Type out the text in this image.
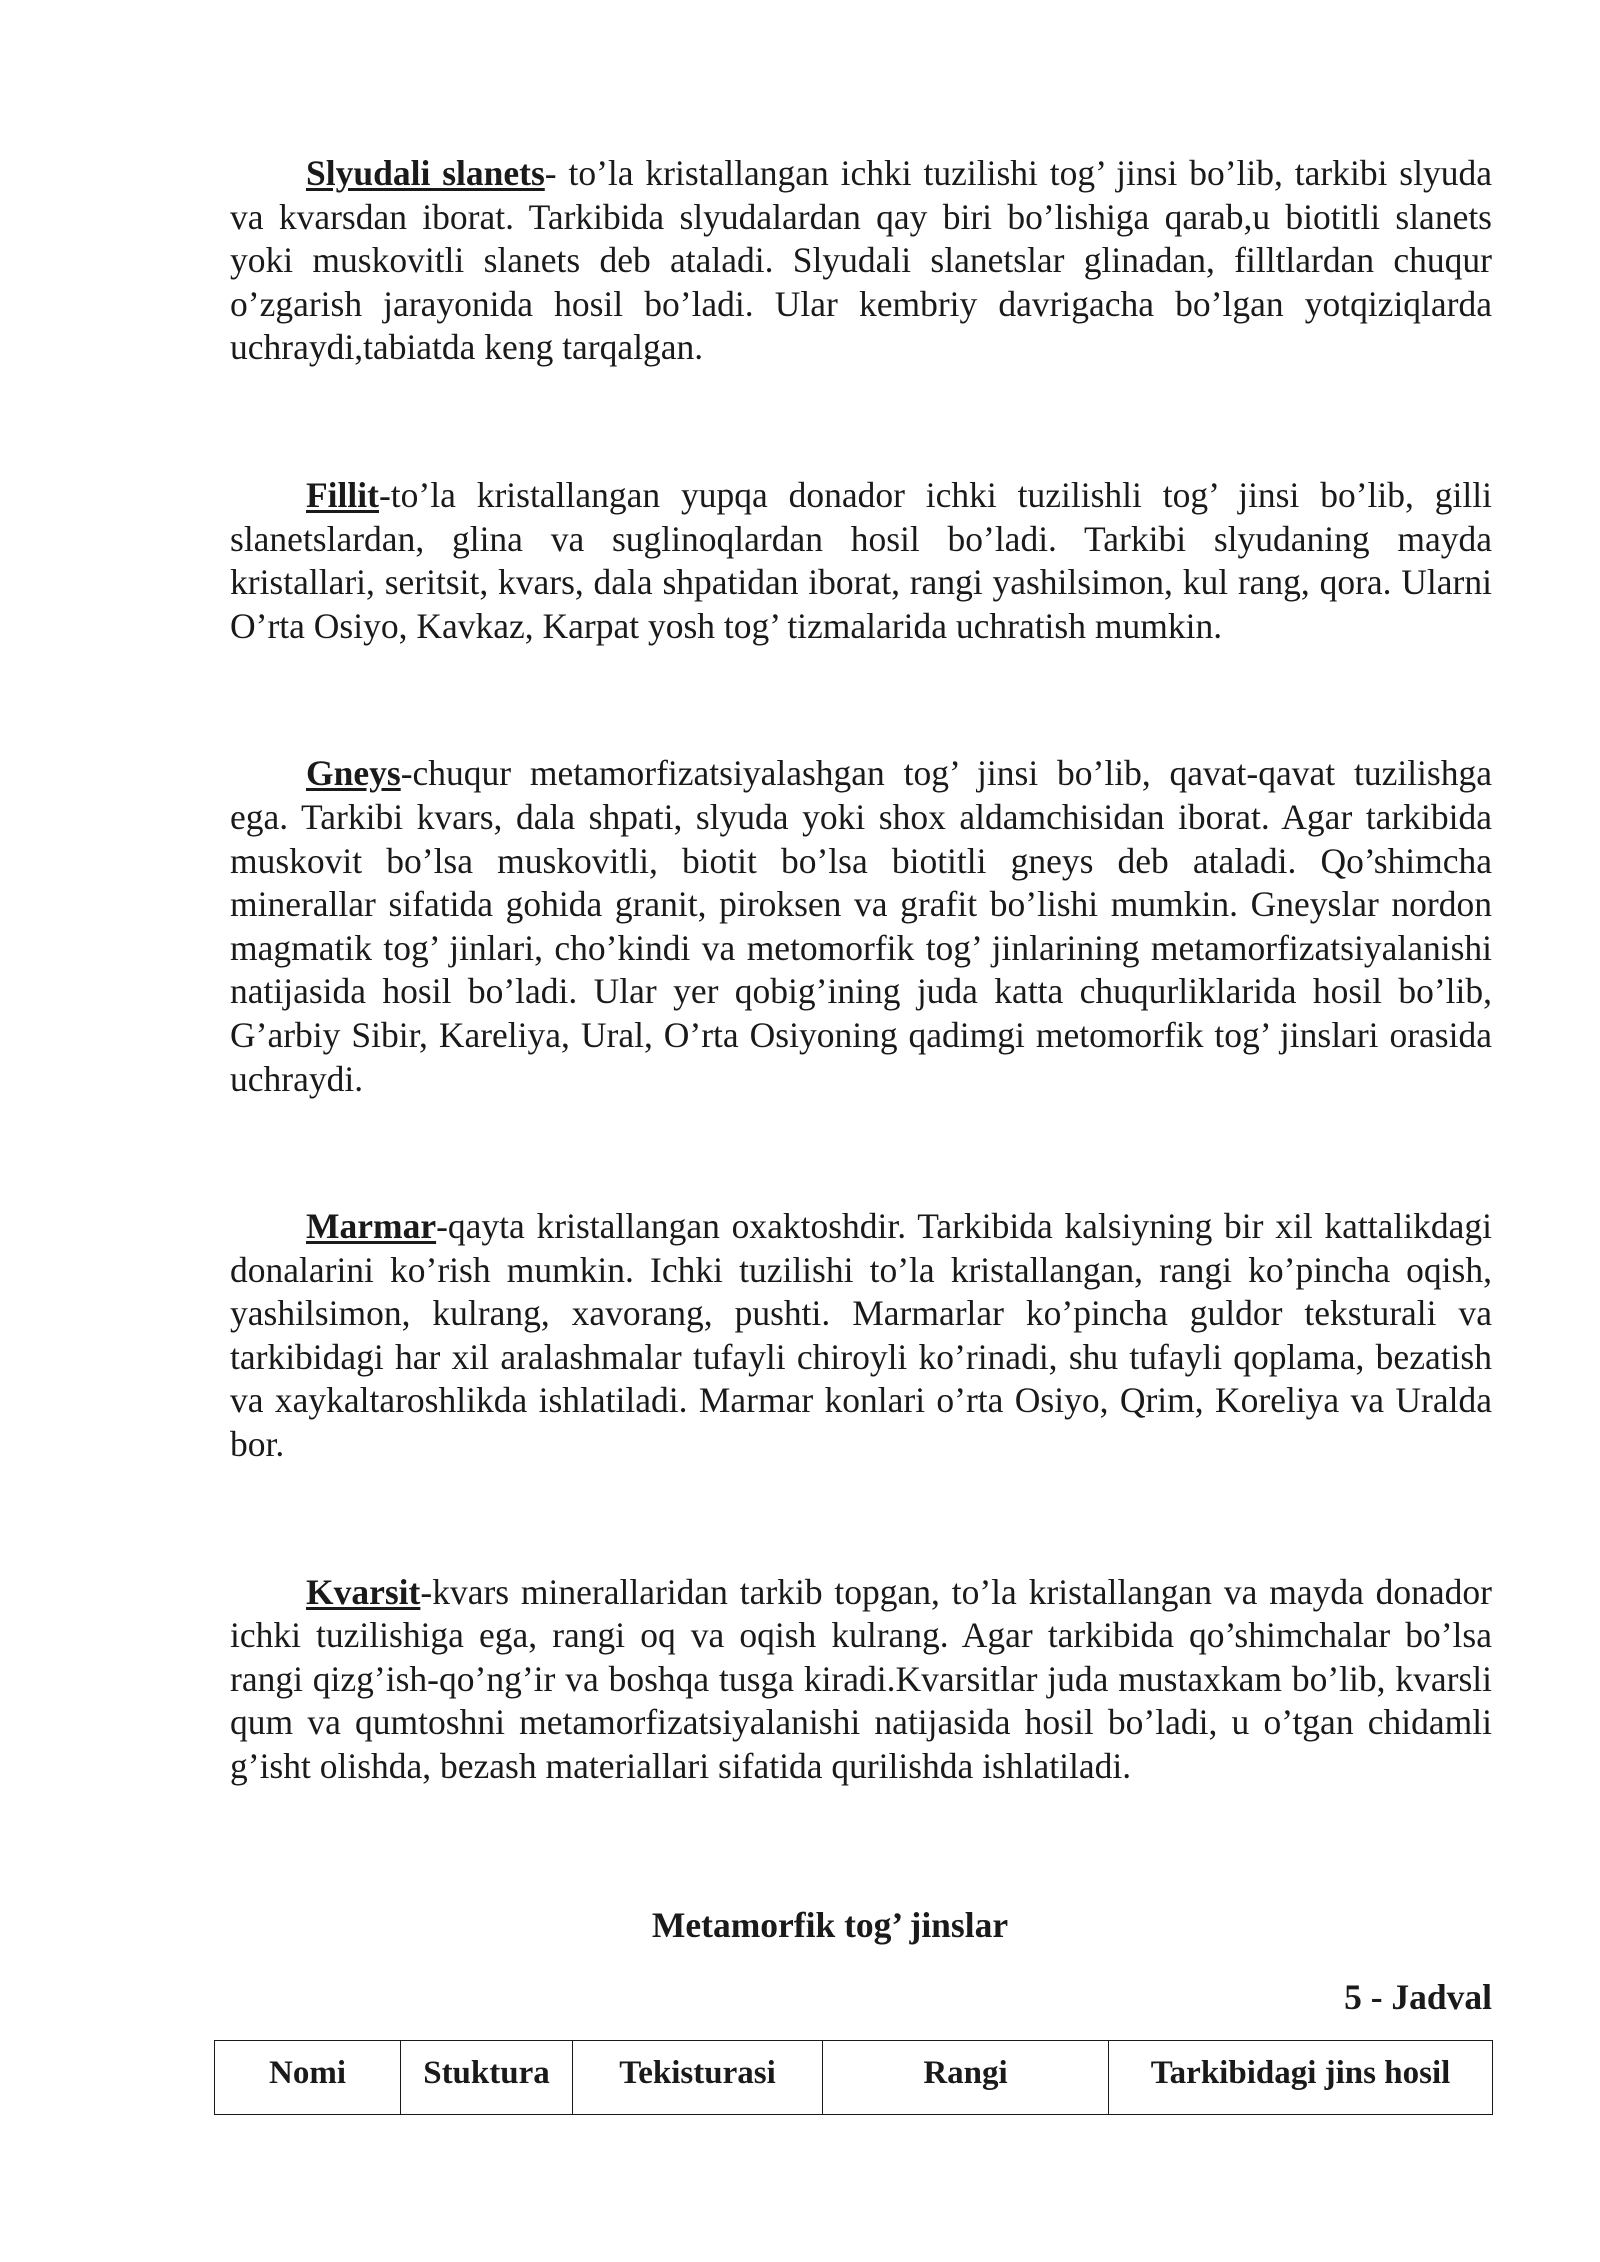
Slyudali slanets- to’la kristallangan ichki tuzilishi tog’ jinsi bo’lib, tarkibi slyuda va kvarsdan iborat. Tarkibida slyudalardan qay biri bo’lishiga qarab,u biotitli slanets yoki muskovitli slanets deb ataladi. Slyudali slanetslar glinadan, filltlardan chuqur o’zgarish jarayonida hosil bo’ladi. Ular kembriy davrigacha bo’lgan yotqiziqlarda uchraydi,tabiatda keng tarqalgan.

Fillit-to’la kristallangan yupqa donador ichki tuzilishli tog’ jinsi bo’lib, gilli slanetslardan, glina va suglinoqlardan hosil bo’ladi. Tarkibi slyudaning mayda kristallari, seritsit, kvars, dala shpatidan iborat, rangi yashilsimon, kul rang, qora. Ularni O’rta Osiyo, Kavkaz, Karpat yosh tog’ tizmalarida uchratish mumkin.

Gneys-chuqur metamorfizatsiyalashgan tog’ jinsi bo’lib, qavat-qavat tuzilishga ega. Tarkibi kvars, dala shpati, slyuda yoki shox aldamchisidan iborat. Agar tarkibida muskovit bo’lsa muskovitli, biotit bo’lsa biotitli gneys deb ataladi. Qo’shimcha minerallar sifatida gohida granit, piroksen va grafit bo’lishi mumkin. Gneyslar nordon magmatik tog’ jinlari, cho’kindi va metomorfik tog’ jinlarining metamorfizatsiyalanishi natijasida hosil bo’ladi. Ular yer qobig’ining juda katta chuqurliklarida hosil bo’lib, G’arbiy Sibir, Kareliya, Ural, O’rta Osiyoning qadimgi metomorfik tog’ jinslari orasida uchraydi.

Marmar-qayta kristallangan oxaktoshdir. Tarkibida kalsiyning bir xil kattalikdagi donalarini ko’rish mumkin. Ichki tuzilishi to’la kristallangan, rangi ko’pincha oqish, yashilsimon, kulrang, xavorang, pushti. Marmarlar ko’pincha guldor teksturali va tarkibidagi har xil aralashmalar tufayli chiroyli ko’rinadi, shu tufayli qoplama, bezatish va xaykaltaroshlikda ishlatiladi. Marmar konlari o’rta Osiyo, Qrim, Koreliya va Uralda bor.

Kvarsit-kvars minerallaridan tarkib topgan, to’la kristallangan va mayda donador ichki tuzilishiga ega, rangi oq va oqish kulrang. Agar tarkibida qo’shimchalar bo’lsa rangi qizg’ish-qo’ng’ir va boshqa tusga kiradi.Kvarsitlar juda mustaxkam bo’lib, kvarsli qum va qumtoshni metamorfizatsiyalanishi natijasida hosil bo’ladi, u o’tgan chidamli g’isht olishda, bezash materiallari sifatida qurilishda ishlatiladi.

Metamorfik tog’ jinslar

5 - Jadval

Nomi	Stuktura	Tekisturasi	Rangi	Tarkibidagi jins hosil
